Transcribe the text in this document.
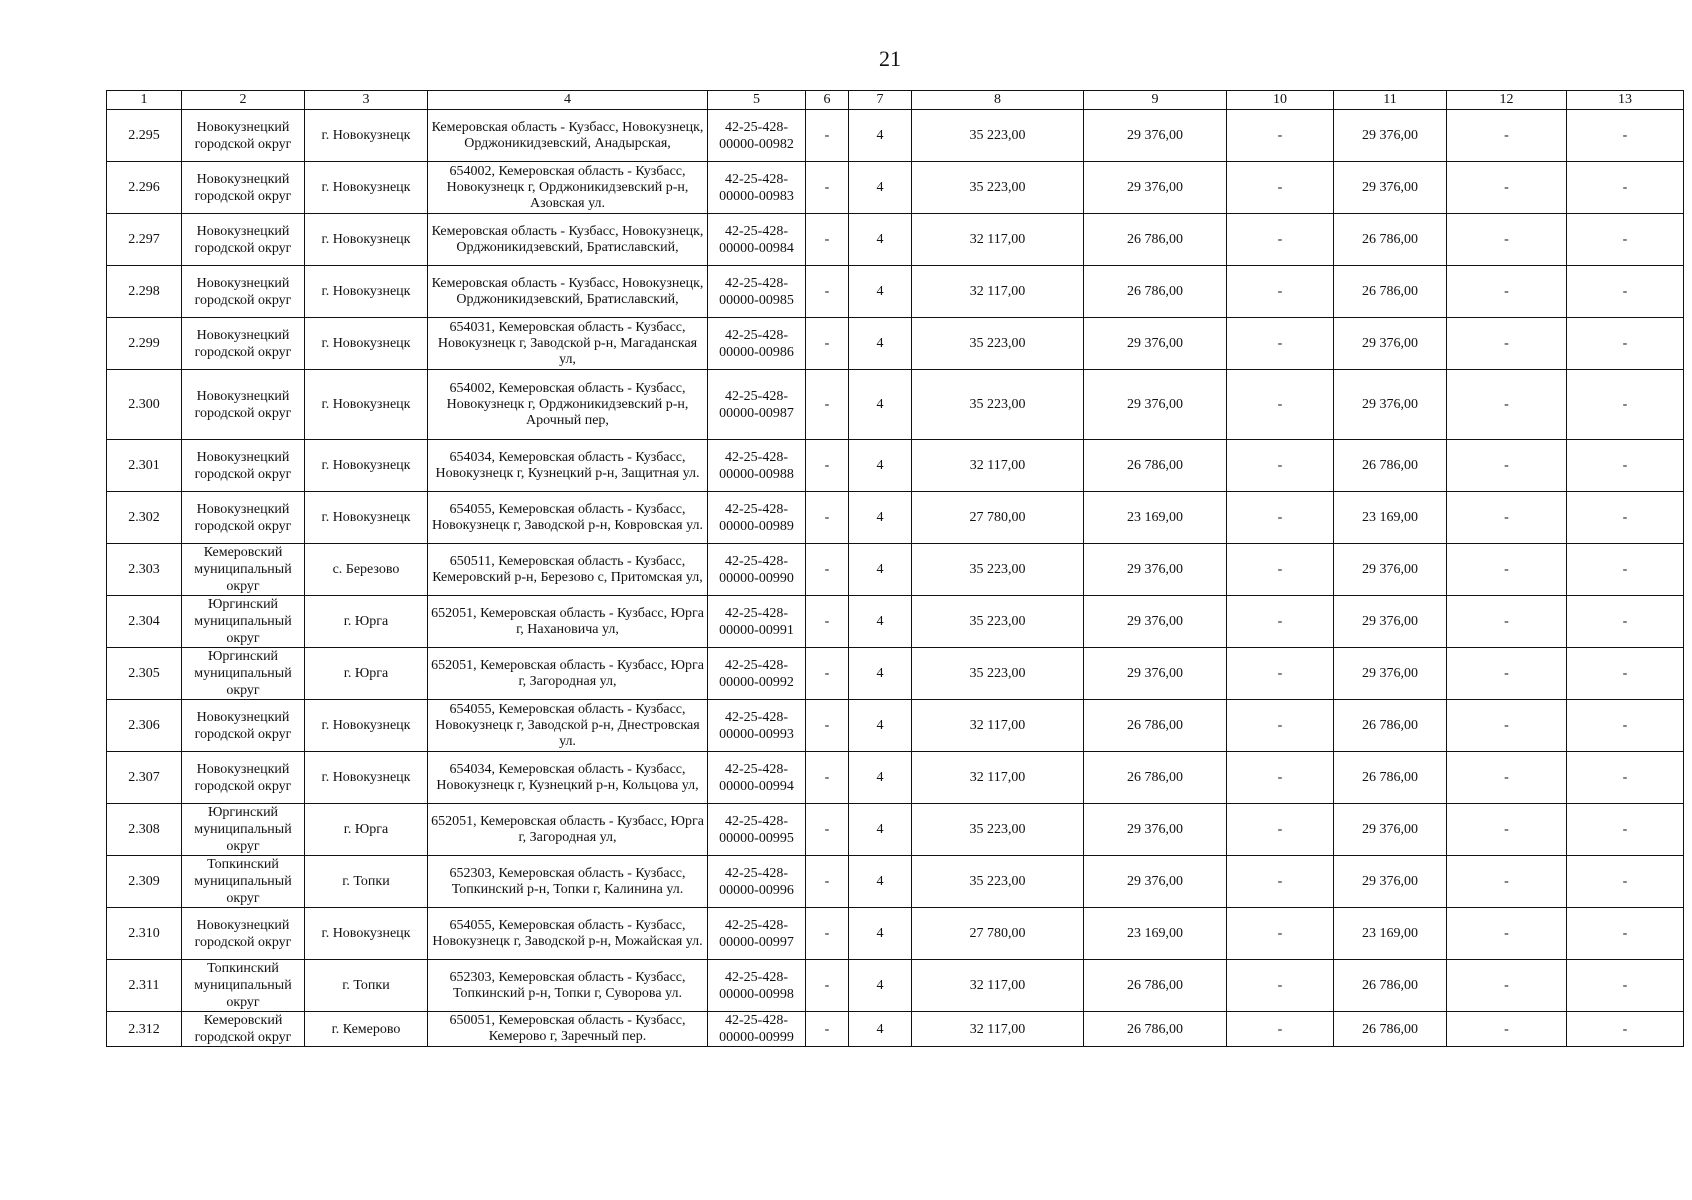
21
1	2	3	4	5	6	7	8	9	10	11	12	13
2.295	Новокузнецкий городской округ	г. Новокузнецк	Кемеровская область - Кузбасс, Новокузнецк, Орджоникидзевский, Анадырская,	42-25-428-00000-00982	-	4	35 223,00	29 376,00	-	29 376,00	-	-
2.296	Новокузнецкий городской округ	г. Новокузнецк	654002, Кемеровская область - Кузбасс, Новокузнецк г, Орджоникидзевский р-н, Азовская ул.	42-25-428-00000-00983	-	4	35 223,00	29 376,00	-	29 376,00	-	-
2.297	Новокузнецкий городской округ	г. Новокузнецк	Кемеровская область - Кузбасс, Новокузнецк, Орджоникидзевский, Братиславский,	42-25-428-00000-00984	-	4	32 117,00	26 786,00	-	26 786,00	-	-
2.298	Новокузнецкий городской округ	г. Новокузнецк	Кемеровская область - Кузбасс, Новокузнецк, Орджоникидзевский, Братиславский,	42-25-428-00000-00985	-	4	32 117,00	26 786,00	-	26 786,00	-	-
2.299	Новокузнецкий городской округ	г. Новокузнецк	654031, Кемеровская область - Кузбасс, Новокузнецк г, Заводской р-н, Магаданская ул,	42-25-428-00000-00986	-	4	35 223,00	29 376,00	-	29 376,00	-	-
2.300	Новокузнецкий городской округ	г. Новокузнецк	654002, Кемеровская область - Кузбасс, Новокузнецк г, Орджоникидзевский р-н, Арочный пер,	42-25-428-00000-00987	-	4	35 223,00	29 376,00	-	29 376,00	-	-
2.301	Новокузнецкий городской округ	г. Новокузнецк	654034, Кемеровская область - Кузбасс, Новокузнецк г, Кузнецкий р-н, Защитная ул.	42-25-428-00000-00988	-	4	32 117,00	26 786,00	-	26 786,00	-	-
2.302	Новокузнецкий городской округ	г. Новокузнецк	654055, Кемеровская область - Кузбасс, Новокузнецк г, Заводской р-н, Ковровская ул.	42-25-428-00000-00989	-	4	27 780,00	23 169,00	-	23 169,00	-	-
2.303	Кемеровский муниципальный округ	с. Березово	650511, Кемеровская область - Кузбасс, Кемеровский р-н, Березово с, Притомская ул,	42-25-428-00000-00990	-	4	35 223,00	29 376,00	-	29 376,00	-	-
2.304	Юргинский муниципальный округ	г. Юрга	652051, Кемеровская область - Кузбасс, Юрга г, Нахановича ул,	42-25-428-00000-00991	-	4	35 223,00	29 376,00	-	29 376,00	-	-
2.305	Юргинский муниципальный округ	г. Юрга	652051, Кемеровская область - Кузбасс, Юрга г, Загородная ул,	42-25-428-00000-00992	-	4	35 223,00	29 376,00	-	29 376,00	-	-
2.306	Новокузнецкий городской округ	г. Новокузнецк	654055, Кемеровская область - Кузбасс, Новокузнецк г, Заводской р-н, Днестровская ул.	42-25-428-00000-00993	-	4	32 117,00	26 786,00	-	26 786,00	-	-
2.307	Новокузнецкий городской округ	г. Новокузнецк	654034, Кемеровская область - Кузбасс, Новокузнецк г, Кузнецкий р-н, Кольцова ул,	42-25-428-00000-00994	-	4	32 117,00	26 786,00	-	26 786,00	-	-
2.308	Юргинский муниципальный округ	г. Юрга	652051, Кемеровская область - Кузбасс, Юрга г, Загородная ул,	42-25-428-00000-00995	-	4	35 223,00	29 376,00	-	29 376,00	-	-
2.309	Топкинский муниципальный округ	г. Топки	652303, Кемеровская область - Кузбасс, Топкинский р-н, Топки г, Калинина ул.	42-25-428-00000-00996	-	4	35 223,00	29 376,00	-	29 376,00	-	-
2.310	Новокузнецкий городской округ	г. Новокузнецк	654055, Кемеровская область - Кузбасс, Новокузнецк г, Заводской р-н, Можайская ул.	42-25-428-00000-00997	-	4	27 780,00	23 169,00	-	23 169,00	-	-
2.311	Топкинский муниципальный округ	г. Топки	652303, Кемеровская область - Кузбасс, Топкинский р-н, Топки г, Суворова ул.	42-25-428-00000-00998	-	4	32 117,00	26 786,00	-	26 786,00	-	-
2.312	Кемеровский городской округ	г. Кемерово	650051, Кемеровская область - Кузбасс, Кемерово г, Заречный пер.	42-25-428-00000-00999	-	4	32 117,00	26 786,00	-	26 786,00	-	-
